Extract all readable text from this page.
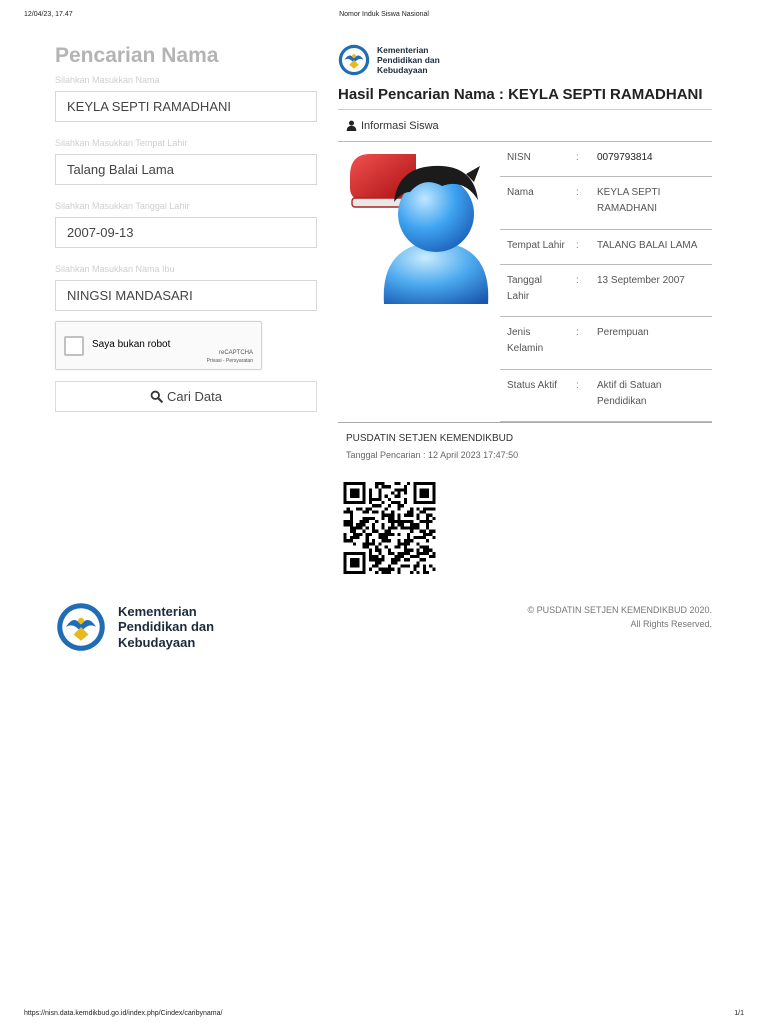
12/04/23, 17.47	Nomor Induk Siswa Nasional
Pencarian Nama
Silahkan Masukkan Nama
KEYLA SEPTI RAMADHANI
Silahkan Masukkan Tempat Lahir
Talang Balai Lama
Silahkan Masukkan Tanggal Lahir
2007-09-13
Silahkan Masukkan Nama Ibu
NINGSI MANDASARI
Saya bukan robot
reCAPTCHA
Privasi - Persyaratan
Cari Data
Kementerian
Pendidikan dan
Kebudayaan
Hasil Pencarian Nama : KEYLA SEPTI RAMADHANI
Informasi Siswa
NISN	:	0079793814
Nama	:	KEYLA SEPTI RAMADHANI
Tempat Lahir	:	TALANG BALAI LAMA
Tanggal Lahir	:	13 September 2007
Jenis Kelamin	:	Perempuan
Status Aktif	:	Aktif di Satuan Pendidikan
PUSDATIN SETJEN KEMENDIKBUD
Tanggal Pencarian : 12 April 2023 17:47:50
Kementerian
Pendidikan dan
Kebudayaan
© PUSDATIN SETJEN KEMENDIKBUD 2020.
All Rights Reserved.
https://nisn.data.kemdikbud.go.id/index.php/Cindex/caribynama/	1/1
